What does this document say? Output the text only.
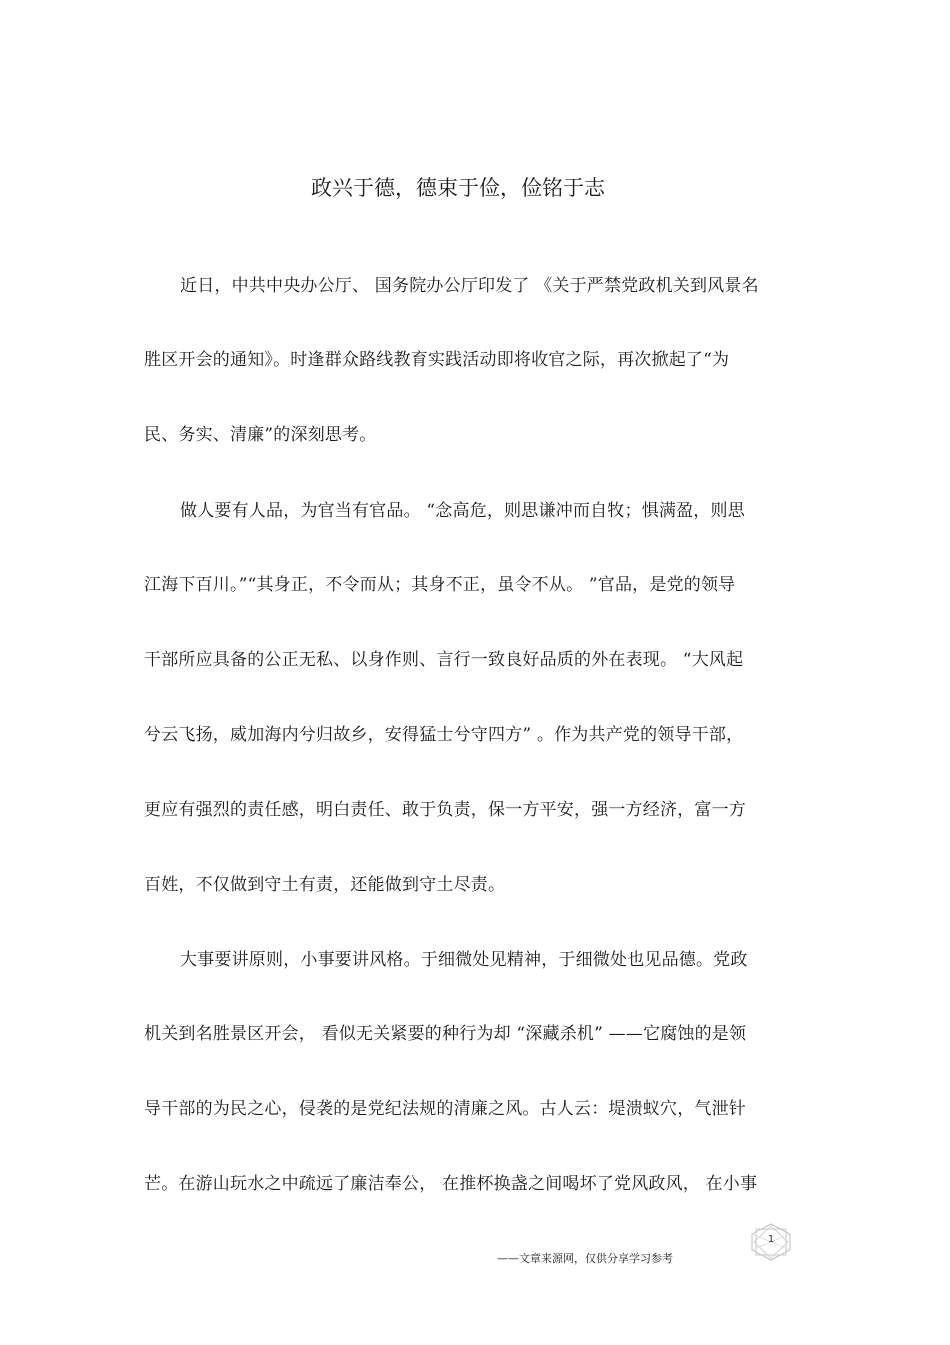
政兴于德，德束于俭，俭铭于志
近日，中共中央办公厅、 国务院办公厅印发了 《关于严禁党政机关到风景名
胜区开会的通知》。时逢群众路线教育实践活动即将收官之际，再次掀起了“为
民、务实、清廉”的深刻思考。
做人要有人品，为官当有官品。 “念高危，则思谦冲而自牧；惧满盈，则思
江海下百川。”“其身正，不令而从；其身不正，虽令不从。 ”官品，是党的领导
干部所应具备的公正无私、以身作则、言行一致良好品质的外在表现。 “大风起
兮云飞扬，威加海内兮归故乡，安得猛士兮守四方” 。作为共产党的领导干部，
更应有强烈的责任感，明白责任、敢于负责，保一方平安，强一方经济，富一方
百姓，不仅做到守土有责，还能做到守土尽责。
大事要讲原则，小事要讲风格。于细微处见精神，于细微处也见品德。党政
机关到名胜景区开会， 看似无关紧要的种行为却 “深藏杀机” ——它腐蚀的是领
导干部的为民之心，侵袭的是党纪法规的清廉之风。古人云：堤溃蚁穴，气泄针
芒。在游山玩水之中疏远了廉洁奉公， 在推杯换盏之间喝坏了党风政风， 在小事
1
——文章来源网，仅供分享学习参考
